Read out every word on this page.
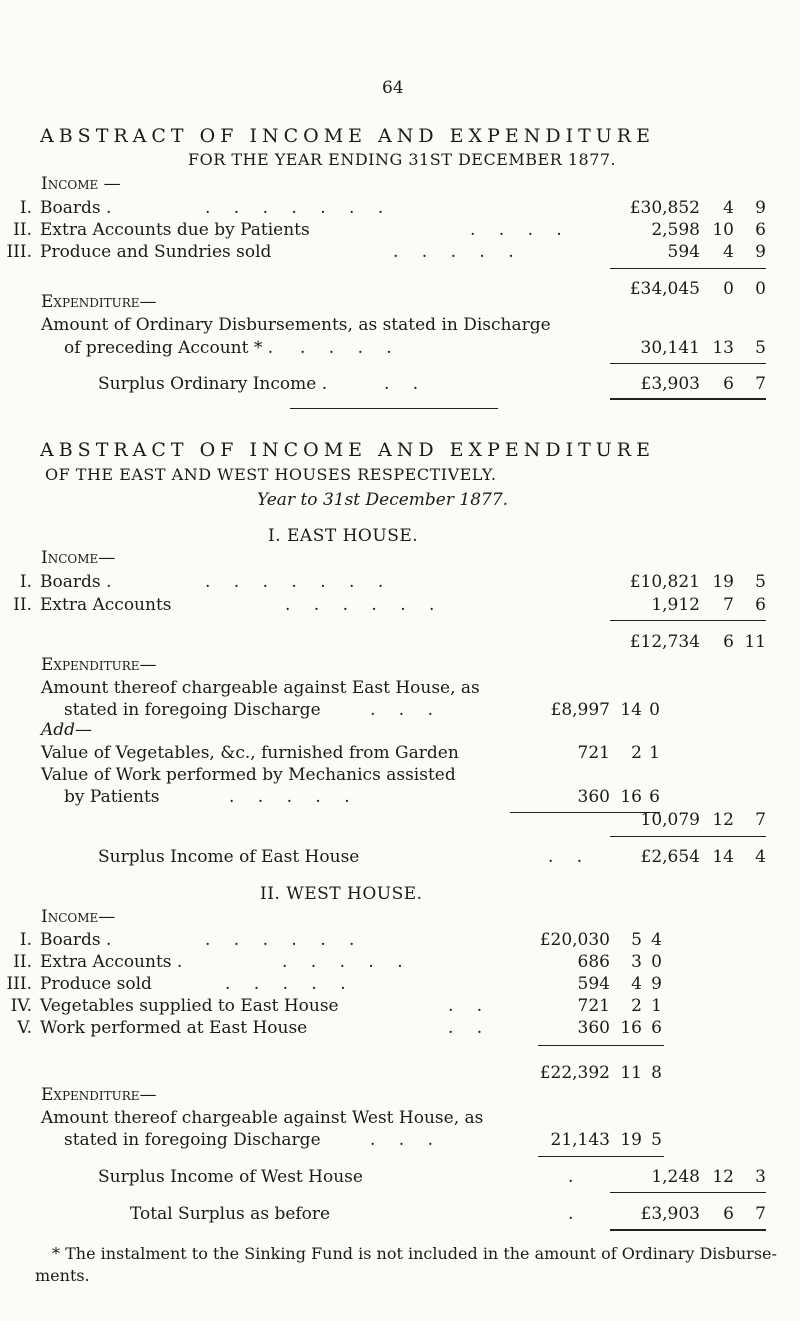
64
ABSTRACT OF INCOME AND EXPENDITURE
FOR THE YEAR ENDING 31ST DECEMBER 1877.
Income —
I. Boards .	. . . . . . .	£30,852	4	9
II. Extra Accounts due by Patients	. . . .	2,598 10	6
III. Produce and Sundries sold	. . . . .	594	4	9
£34,045	0	0
Expenditure—
Amount of Ordinary Disbursements, as stated in Discharge
of preceding Account * . . . . .	30,141 13	5
Surplus Ordinary Income .	. .	£3,903	6	7
ABSTRACT OF INCOME AND EXPENDITURE
OF THE EAST AND WEST HOUSES RESPECTIVELY.
Year to 31st December 1877.
I. EAST HOUSE.
Income—
I. Boards .	. . . . . . .	£10,821 19	5
II. Extra Accounts	. . . . . .	1,912	7	6
£12,734	6 11
Expenditure—
Amount thereof chargeable against East House, as
stated in foregoing Discharge	. . .	£8,997 14 0
Add—
Value of Vegetables, &c., furnished from Garden	721	2 1
Value of Work performed by Mechanics assisted
by Patients	. . . . .	360 16 6
10,079 12	7
Surplus Income of East House	. .	£2,654 14	4
II. WEST HOUSE.
Income—
I. Boards .	. . . . . .	£20,030	5 4
II. Extra Accounts .	. . . . .	686	3 0
III. Produce sold	. . . . .	594	4 9
IV. Vegetables supplied to East House	. .	721	2 1
V. Work performed at East House	. .	360 16 6
£22,392 11 8
Expenditure—
Amount thereof chargeable against West House, as
stated in foregoing Discharge	. . .	21,143 19 5
Surplus Income of West House	.	1,248 12	3
Total Surplus as before	.	£3,903	6	7
* The instalment to the Sinking Fund is not included in the amount of Ordinary Disburse-
ments.
